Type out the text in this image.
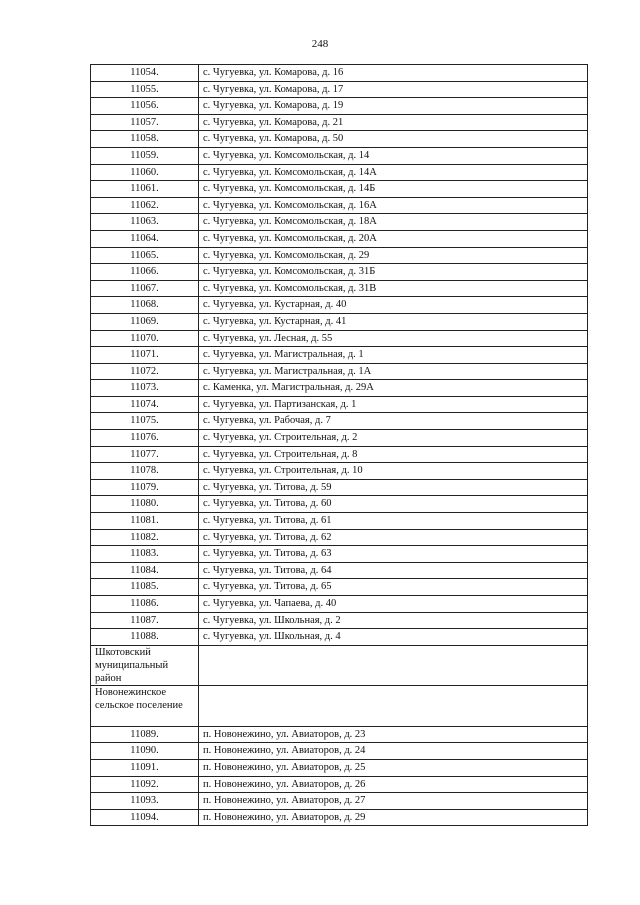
248
11054.	с. Чугуевка, ул. Комарова, д. 16
11055.	с. Чугуевка, ул. Комарова, д. 17
11056.	с. Чугуевка, ул. Комарова, д. 19
11057.	с. Чугуевка, ул. Комарова, д. 21
11058.	с. Чугуевка, ул. Комарова, д. 50
11059.	с. Чугуевка, ул. Комсомольская, д. 14
11060.	с. Чугуевка, ул. Комсомольская, д. 14А
11061.	с. Чугуевка, ул. Комсомольская, д. 14Б
11062.	с. Чугуевка, ул. Комсомольская, д. 16А
11063.	с. Чугуевка, ул. Комсомольская, д. 18А
11064.	с. Чугуевка, ул. Комсомольская, д. 20А
11065.	с. Чугуевка, ул. Комсомольская, д. 29
11066.	с. Чугуевка, ул. Комсомольская, д. 31Б
11067.	с. Чугуевка, ул. Комсомольская, д. 31В
11068.	с. Чугуевка, ул. Кустарная, д. 40
11069.	с. Чугуевка, ул. Кустарная, д. 41
11070.	с. Чугуевка, ул. Лесная, д. 55
11071.	с. Чугуевка, ул. Магистральная, д. 1
11072.	с. Чугуевка, ул. Магистральная, д. 1А
11073.	с. Каменка, ул. Магистральная, д. 29А
11074.	с. Чугуевка, ул. Партизанская, д. 1
11075.	с. Чугуевка, ул. Рабочая, д. 7
11076.	с. Чугуевка, ул. Строительная, д. 2
11077.	с. Чугуевка, ул. Строительная, д. 8
11078.	с. Чугуевка, ул. Строительная, д. 10
11079.	с. Чугуевка, ул. Титова, д. 59
11080.	с. Чугуевка, ул. Титова, д. 60
11081.	с. Чугуевка, ул. Титова, д. 61
11082.	с. Чугуевка, ул. Титова, д. 62
11083.	с. Чугуевка, ул. Титова, д. 63
11084.	с. Чугуевка, ул. Титова, д. 64
11085.	с. Чугуевка, ул. Титова, д. 65
11086.	с. Чугуевка, ул. Чапаева, д. 40
11087.	с. Чугуевка, ул. Школьная, д. 2
11088.	с. Чугуевка, ул. Школьная, д. 4
Шкотовский муниципальный район	
Новонежинское сельское поселение	
11089.	п. Новонежино, ул. Авиаторов, д. 23
11090.	п. Новонежино, ул. Авиаторов, д. 24
11091.	п. Новонежино, ул. Авиаторов, д. 25
11092.	п. Новонежино, ул. Авиаторов, д. 26
11093.	п. Новонежино, ул. Авиаторов, д. 27
11094.	п. Новонежино, ул. Авиаторов, д. 29
